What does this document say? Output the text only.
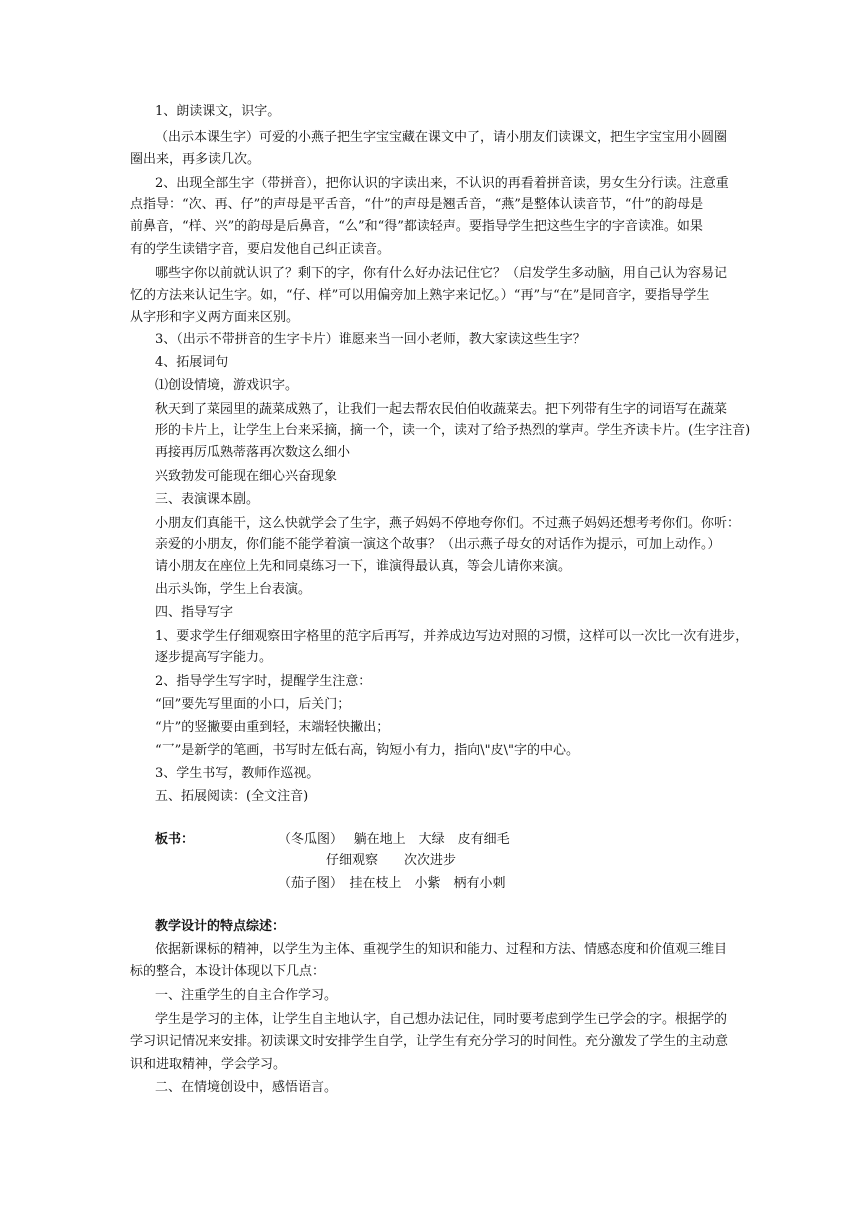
1、朗读课文，识字。
（出示本课生字）可爱的小燕子把生字宝宝藏在课文中了，请小朋友们读课文，把生字宝宝用小圆圈
圈出来，再多读几次。
2、出现全部生字（带拼音），把你认识的字读出来，不认识的再看着拼音读，男女生分行读。注意重
点指导：“次、再、仔”的声母是平舌音，“什”的声母是翘舌音，“燕”是整体认读音节，“什”的韵母是
前鼻音，“样、兴”的韵母是后鼻音，“么”和“得”都读轻声。要指导学生把这些生字的字音读准。如果
有的学生读错字音，要启发他自己纠正读音。
哪些字你以前就认识了？剩下的字，你有什么好办法记住它？（启发学生多动脑，用自己认为容易记
忆的方法来认记生字。如，“仔、样”可以用偏旁加上熟字来记忆。）“再”与“在”是同音字，要指导学生
从字形和字义两方面来区别。
3、（出示不带拼音的生字卡片）谁愿来当一回小老师，教大家读这些生字？
4、拓展词句
⑴创设情境，游戏识字。
秋天到了菜园里的蔬菜成熟了，让我们一起去帮农民伯伯收蔬菜去。把下列带有生字的词语写在蔬菜
形的卡片上，让学生上台来采摘，摘一个，读一个，读对了给予热烈的掌声。学生齐读卡片。(生字注音)
再接再厉瓜熟蒂落再次数这么细小
兴致勃发可能现在细心兴奋现象
三、表演课本剧。
小朋友们真能干，这么快就学会了生字，燕子妈妈不停地夸你们。不过燕子妈妈还想考考你们。你听：
亲爱的小朋友，你们能不能学着演一演这个故事？（出示燕子母女的对话作为提示，可加上动作。）
请小朋友在座位上先和同桌练习一下，谁演得最认真，等会儿请你来演。
出示头饰，学生上台表演。
四、指导写字
1、要求学生仔细观察田字格里的范字后再写，并养成边写边对照的习惯，这样可以一次比一次有进步，
逐步提高写字能力。
2、指导学生写字时，提醒学生注意：
“回”要先写里面的小口，后关门；
“片”的竖撇要由重到轻，末端轻快撇出；
“乛”是新学的笔画，书写时左低右高，钩短小有力，指向\"皮\"字的中心。
3、学生书写，教师作巡视。
五、拓展阅读：(全文注音)
板书：	（冬瓜图）　 躺在地上　大绿　皮有细毛
仔细观察　　次次进步
（茄子图）　挂在枝上　小紫　柄有小刺
教学设计的特点综述：
依据新课标的精神，以学生为主体、重视学生的知识和能力、过程和方法、情感态度和价值观三维目
标的整合，本设计体现以下几点：
一、注重学生的自主合作学习。
学生是学习的主体，让学生自主地认字，自己想办法记住，同时要考虑到学生已学会的字。根据学的
学习识记情况来安排。初读课文时安排学生自学，让学生有充分学习的时间性。充分激发了学生的主动意
识和进取精神，学会学习。
二、在情境创设中，感悟语言。
